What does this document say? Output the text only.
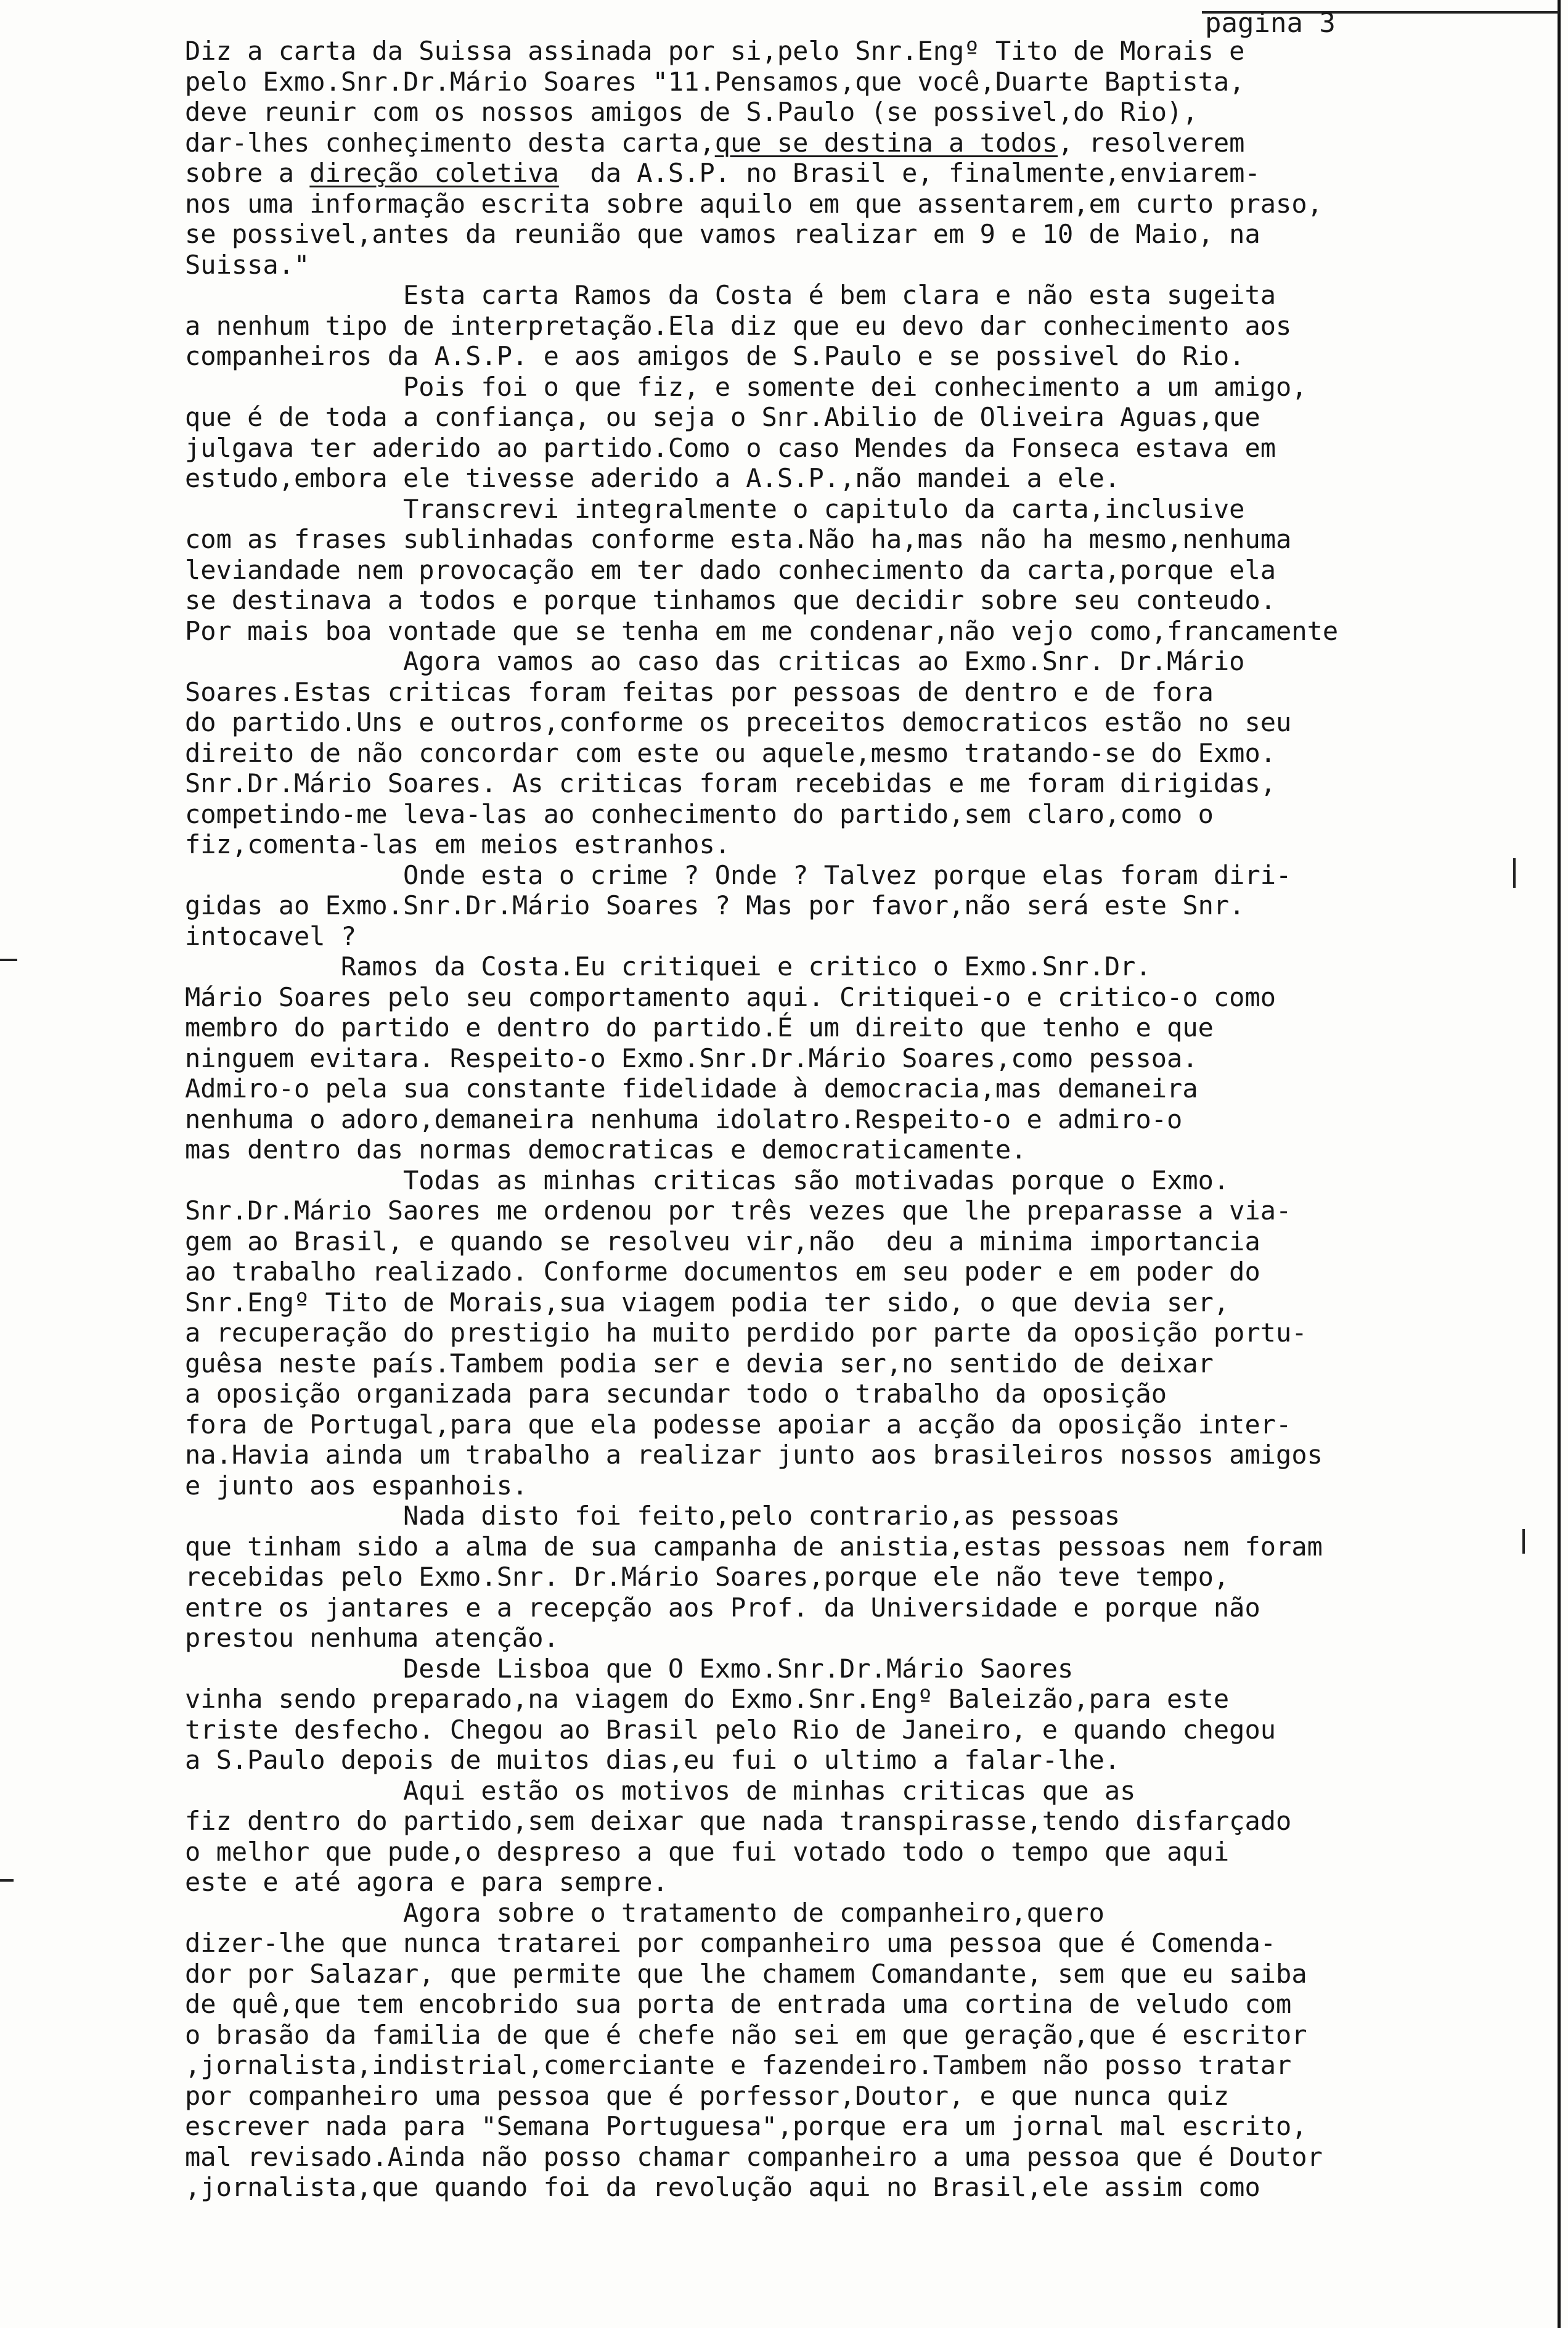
pagina 3
Diz a carta da Suissa assinada por si,pelo Snr.Engº Tito de Morais e
pelo Exmo.Snr.Dr.Mário Soares "11.Pensamos,que você,Duarte Baptista,
deve reunir com os nossos amigos de S.Paulo (se possivel,do Rio),
dar-lhes conheçimento desta carta,que se destina a todos, resolverem
sobre a direção coletiva  da A.S.P. no Brasil e, finalmente,enviarem-
nos uma informação escrita sobre aquilo em que assentarem,em curto praso,
se possivel,antes da reunião que vamos realizar em 9 e 10 de Maio, na
Suissa."
Esta carta Ramos da Costa é bem clara e não esta sugeita
a nenhum tipo de interpretação.Ela diz que eu devo dar conhecimento aos
companheiros da A.S.P. e aos amigos de S.Paulo e se possivel do Rio.
Pois foi o que fiz, e somente dei conhecimento a um amigo,
que é de toda a confiança, ou seja o Snr.Abilio de Oliveira Aguas,que
julgava ter aderido ao partido.Como o caso Mendes da Fonseca estava em
estudo,embora ele tivesse aderido a A.S.P.,não mandei a ele.
Transcrevi integralmente o capitulo da carta,inclusive
com as frases sublinhadas conforme esta.Não ha,mas não ha mesmo,nenhuma
leviandade nem provocação em ter dado conhecimento da carta,porque ela
se destinava a todos e porque tinhamos que decidir sobre seu conteudo.
Por mais boa vontade que se tenha em me condenar,não vejo como,francamente
Agora vamos ao caso das criticas ao Exmo.Snr. Dr.Mário
Soares.Estas criticas foram feitas por pessoas de dentro e de fora
do partido.Uns e outros,conforme os preceitos democraticos estão no seu
direito de não concordar com este ou aquele,mesmo tratando-se do Exmo.
Snr.Dr.Mário Soares. As criticas foram recebidas e me foram dirigidas,
competindo-me leva-las ao conhecimento do partido,sem claro,como o
fiz,comenta-las em meios estranhos.
Onde esta o crime ? Onde ? Talvez porque elas foram diri-
gidas ao Exmo.Snr.Dr.Mário Soares ? Mas por favor,não será este Snr.
intocavel ?
Ramos da Costa.Eu critiquei e critico o Exmo.Snr.Dr.
Mário Soares pelo seu comportamento aqui. Critiquei-o e critico-o como
membro do partido e dentro do partido.É um direito que tenho e que
ninguem evitara. Respeito-o Exmo.Snr.Dr.Mário Soares,como pessoa.
Admiro-o pela sua constante fidelidade à democracia,mas demaneira
nenhuma o adoro,demaneira nenhuma idolatro.Respeito-o e admiro-o
mas dentro das normas democraticas e democraticamente.
Todas as minhas criticas são motivadas porque o Exmo.
Snr.Dr.Mário Saores me ordenou por três vezes que lhe preparasse a via-
gem ao Brasil, e quando se resolveu vir,não  deu a minima importancia
ao trabalho realizado. Conforme documentos em seu poder e em poder do
Snr.Engº Tito de Morais,sua viagem podia ter sido, o que devia ser,
a recuperação do prestigio ha muito perdido por parte da oposição portu-
guêsa neste país.Tambem podia ser e devia ser,no sentido de deixar
a oposição organizada para secundar todo o trabalho da oposição
fora de Portugal,para que ela podesse apoiar a acção da oposição inter-
na.Havia ainda um trabalho a realizar junto aos brasileiros nossos amigos
e junto aos espanhois.
Nada disto foi feito,pelo contrario,as pessoas
que tinham sido a alma de sua campanha de anistia,estas pessoas nem foram
recebidas pelo Exmo.Snr. Dr.Mário Soares,porque ele não teve tempo,
entre os jantares e a recepção aos Prof. da Universidade e porque não
prestou nenhuma atenção.
Desde Lisboa que O Exmo.Snr.Dr.Mário Saores
vinha sendo preparado,na viagem do Exmo.Snr.Engº Baleizão,para este
triste desfecho. Chegou ao Brasil pelo Rio de Janeiro, e quando chegou
a S.Paulo depois de muitos dias,eu fui o ultimo a falar-lhe.
Aqui estão os motivos de minhas criticas que as
fiz dentro do partido,sem deixar que nada transpirasse,tendo disfarçado
o melhor que pude,o despreso a que fui votado todo o tempo que aqui
este e até agora e para sempre.
Agora sobre o tratamento de companheiro,quero
dizer-lhe que nunca tratarei por companheiro uma pessoa que é Comenda-
dor por Salazar, que permite que lhe chamem Comandante, sem que eu saiba
de quê,que tem encobrido sua porta de entrada uma cortina de veludo com
o brasão da familia de que é chefe não sei em que geração,que é escritor
,jornalista,indistrial,comerciante e fazendeiro.Tambem não posso tratar
por companheiro uma pessoa que é porfessor,Doutor, e que nunca quiz
escrever nada para "Semana Portuguesa",porque era um jornal mal escrito,
mal revisado.Ainda não posso chamar companheiro a uma pessoa que é Doutor
,jornalista,que quando foi da revolução aqui no Brasil,ele assim como
